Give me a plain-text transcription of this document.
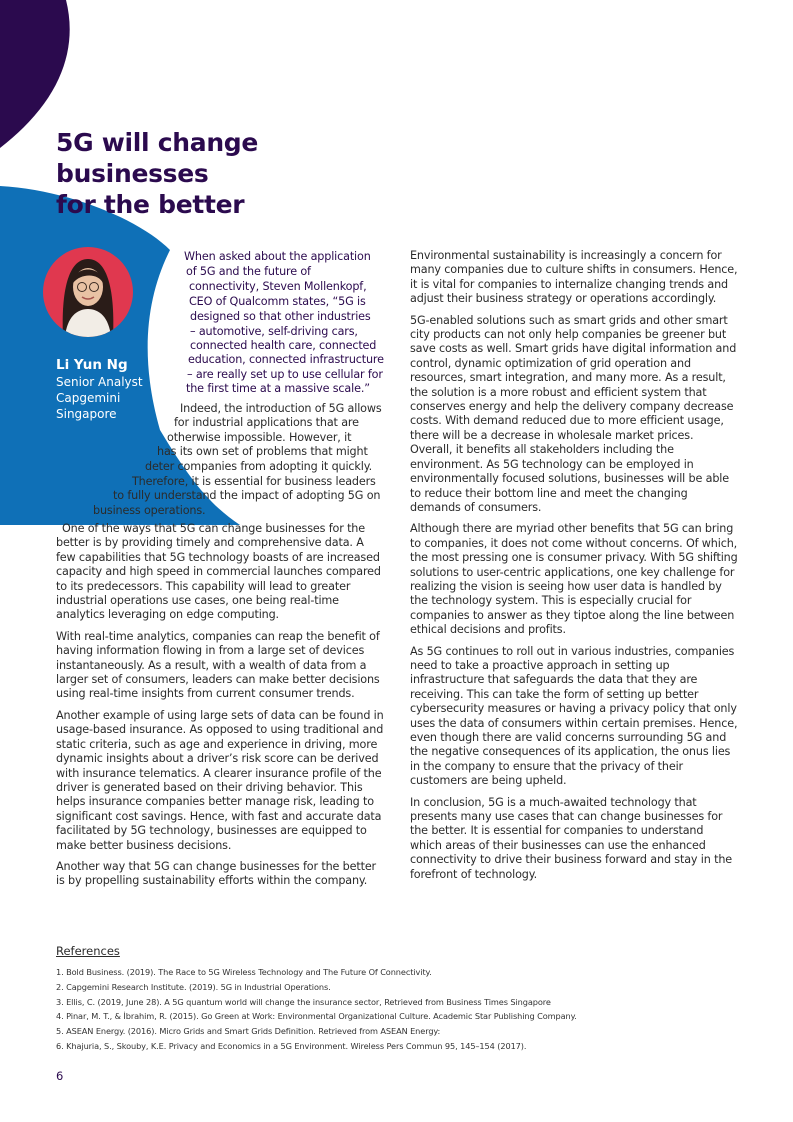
5G will change businesses
for the better
Li Yun Ng
Senior Analyst
Capgemini
Singapore
When asked about the application
of 5G and the future of
connectivity, Steven Mollenkopf,
CEO of Qualcomm states, “5G is
designed so that other industries
– automotive, self-driving cars,
connected health care, connected
education, connected infrastructure
– are really set up to use cellular for
the first time at a massive scale.”
Indeed, the introduction of 5G allows
for industrial applications that are
otherwise impossible. However, it
has its own set of problems that might
deter companies from adopting it quickly.
Therefore, it is essential for business leaders
to fully understand the impact of adopting 5G on
business operations.

One of the ways that 5G can change businesses for the better is by providing timely and comprehensive data. A few capabilities that 5G technology boasts of are increased capacity and high speed in commercial launches compared to its predecessors. This capability will lead to greater industrial operations use cases, one being real-time analytics leveraging on edge computing.

With real-time analytics, companies can reap the benefit of having information flowing in from a large set of devices instantaneously. As a result, with a wealth of data from a larger set of consumers, leaders can make better decisions using real-time insights from current consumer trends.

Another example of using large sets of data can be found in usage-based insurance. As opposed to using traditional and static criteria, such as age and experience in driving, more dynamic insights about a driver’s risk score can be derived with insurance telematics. A clearer insurance profile of the driver is generated based on their driving behavior. This helps insurance companies better manage risk, leading to significant cost savings. Hence, with fast and accurate data facilitated by 5G technology, businesses are equipped to make better business decisions.

Another way that 5G can change businesses for the better is by propelling sustainability efforts within the company.

Environmental sustainability is increasingly a concern for many companies due to culture shifts in consumers. Hence, it is vital for companies to internalize changing trends and adjust their business strategy or operations accordingly.

5G-enabled solutions such as smart grids and other smart city products can not only help companies be greener but save costs as well. Smart grids have digital information and control, dynamic optimization of grid operation and resources, smart integration, and many more. As a result, the solution is a more robust and efficient system that conserves energy and help the delivery company decrease costs. With demand reduced due to more efficient usage, there will be a decrease in wholesale market prices. Overall, it benefits all stakeholders including the environment. As 5G technology can be employed in environmentally focused solutions, businesses will be able to reduce their bottom line and meet the changing demands of consumers.

Although there are myriad other benefits that 5G can bring to companies, it does not come without concerns. Of which, the most pressing one is consumer privacy. With 5G shifting solutions to user-centric applications, one key challenge for realizing the vision is seeing how user data is handled by the technology system. This is especially crucial for companies to answer as they tiptoe along the line between ethical decisions and profits.

As 5G continues to roll out in various industries, companies need to take a proactive approach in setting up infrastructure that safeguards the data that they are receiving. This can take the form of setting up better cybersecurity measures or having a privacy policy that only uses the data of consumers within certain premises. Hence, even though there are valid concerns surrounding 5G and the negative consequences of its application, the onus lies in the company to ensure that the privacy of their customers are being upheld.

In conclusion, 5G is a much-awaited technology that presents many use cases that can change businesses for the better. It is essential for companies to understand which areas of their businesses can use the enhanced connectivity to drive their business forward and stay in the forefront of technology.

References
1. Bold Business. (2019). The Race to 5G Wireless Technology and The Future Of Connectivity.
2. Capgemini Research Institute. (2019). 5G in Industrial Operations.
3. Ellis, C. (2019, June 28). A 5G quantum world will change the insurance sector, Retrieved from Business Times Singapore
4. Pinar, M. T., & İbrahim, R. (2015). Go Green at Work: Environmental Organizational Culture. Academic Star Publishing Company.
5. ASEAN Energy. (2016). Micro Grids and Smart Grids Definition. Retrieved from ASEAN Energy:
6. Khajuria, S., Skouby, K.E. Privacy and Economics in a 5G Environment. Wireless Pers Commun 95, 145–154 (2017).
6
